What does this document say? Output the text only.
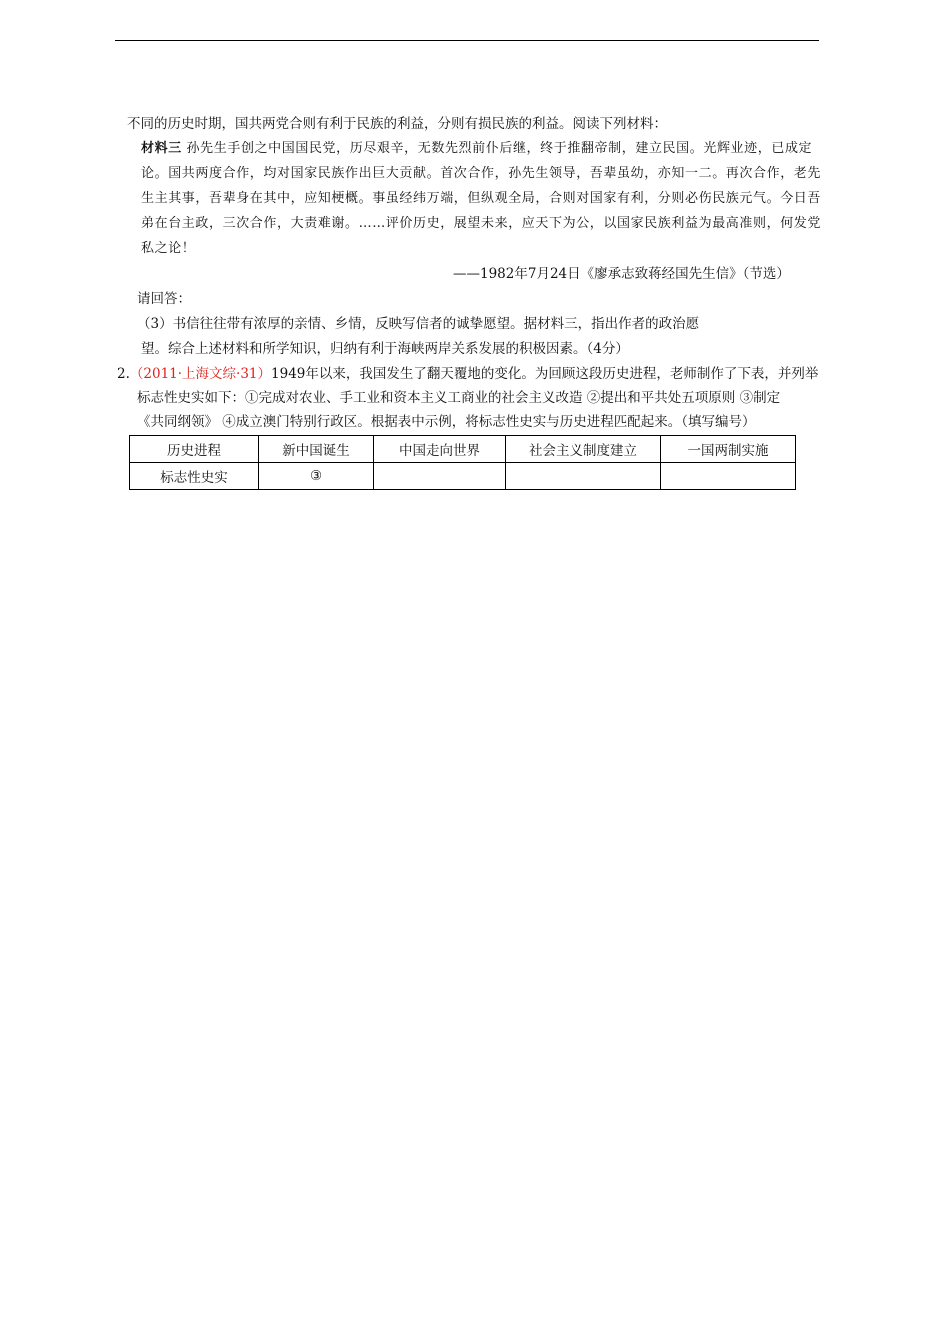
不同的历史时期，国共两党合则有利于民族的利益，分则有损民族的利益。阅读下列材料：
材料三 孙先生手创之中国国民党，历尽艰辛，无数先烈前仆后继，终于推翻帝制，建立民国。光辉业迹，已成定
论。国共两度合作，均对国家民族作出巨大贡献。首次合作，孙先生领导，吾辈虽幼，亦知一二。再次合作，老先
生主其事，吾辈身在其中，应知梗概。事虽经纬万端，但纵观全局，合则对国家有利，分则必伤民族元气。今日吾
弟在台主政，三次合作，大责难谢。……评价历史，展望未来，应天下为公，以国家民族利益为最高准则，何发党
私之论！
——1982年7月24日《廖承志致蒋经国先生信》（节选）
请回答：
（3）书信往往带有浓厚的亲情、乡情，反映写信者的诚挚愿望。据材料三，指出作者的政治愿
望。综合上述材料和所学知识，归纳有利于海峡两岸关系发展的积极因素。（4分）
2.（2011·上海文综·31）1949年以来，我国发生了翻天覆地的变化。为回顾这段历史进程，老师制作了下表，并列举
标志性史实如下：①完成对农业、手工业和资本主义工商业的社会主义改造 ②提出和平共处五项原则 ③制定
《共同纲领》 ④成立澳门特别行政区。根据表中示例，将标志性史实与历史进程匹配起来。（填写编号）
历史进程	新中国诞生	中国走向世界	社会主义制度建立	一国两制实施
标志性史实	③			
